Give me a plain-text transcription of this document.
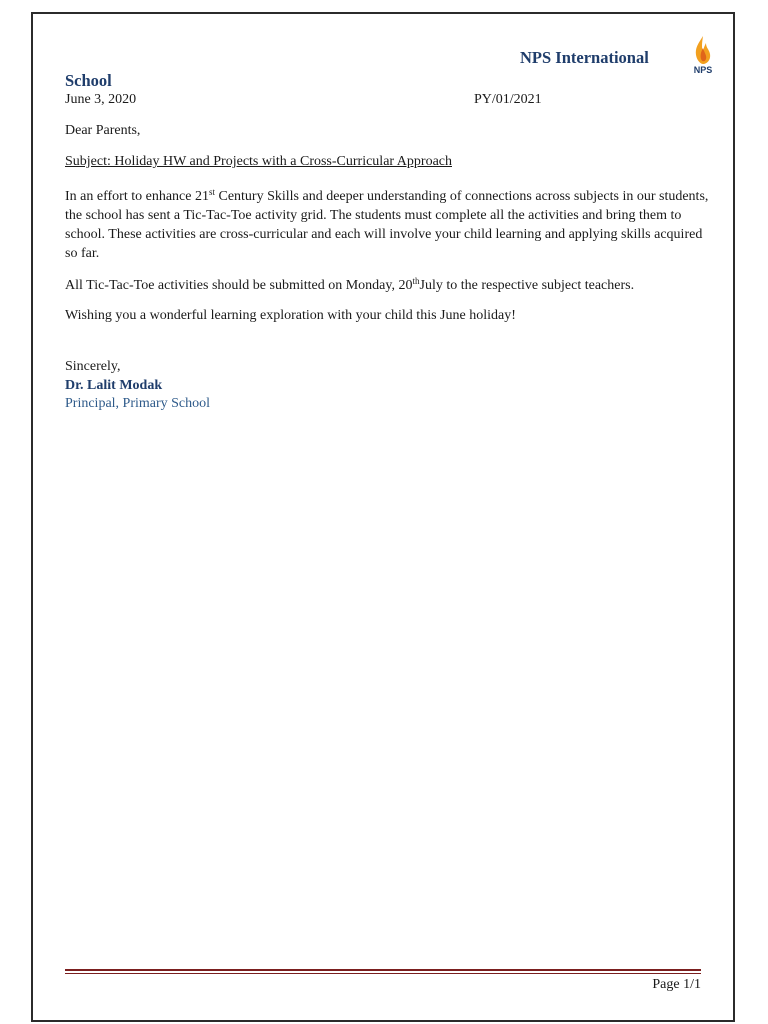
NPS International
School
NPS
June 3, 2020	PY/01/2021
Dear Parents,
Subject: Holiday HW and Projects with a Cross-Curricular Approach
In an effort to enhance 21st Century Skills and deeper understanding of connections across subjects in our students, the school has sent a Tic-Tac-Toe activity grid. The students must complete all the activities and bring them to school. These activities are cross-curricular and each will involve your child learning and applying skills acquired so far.
All Tic-Tac-Toe activities should be submitted on Monday, 20thJuly to the respective subject teachers.
Wishing you a wonderful learning exploration with your child this June holiday!
Sincerely,
Dr. Lalit Modak
Principal, Primary School
Page 1/1
